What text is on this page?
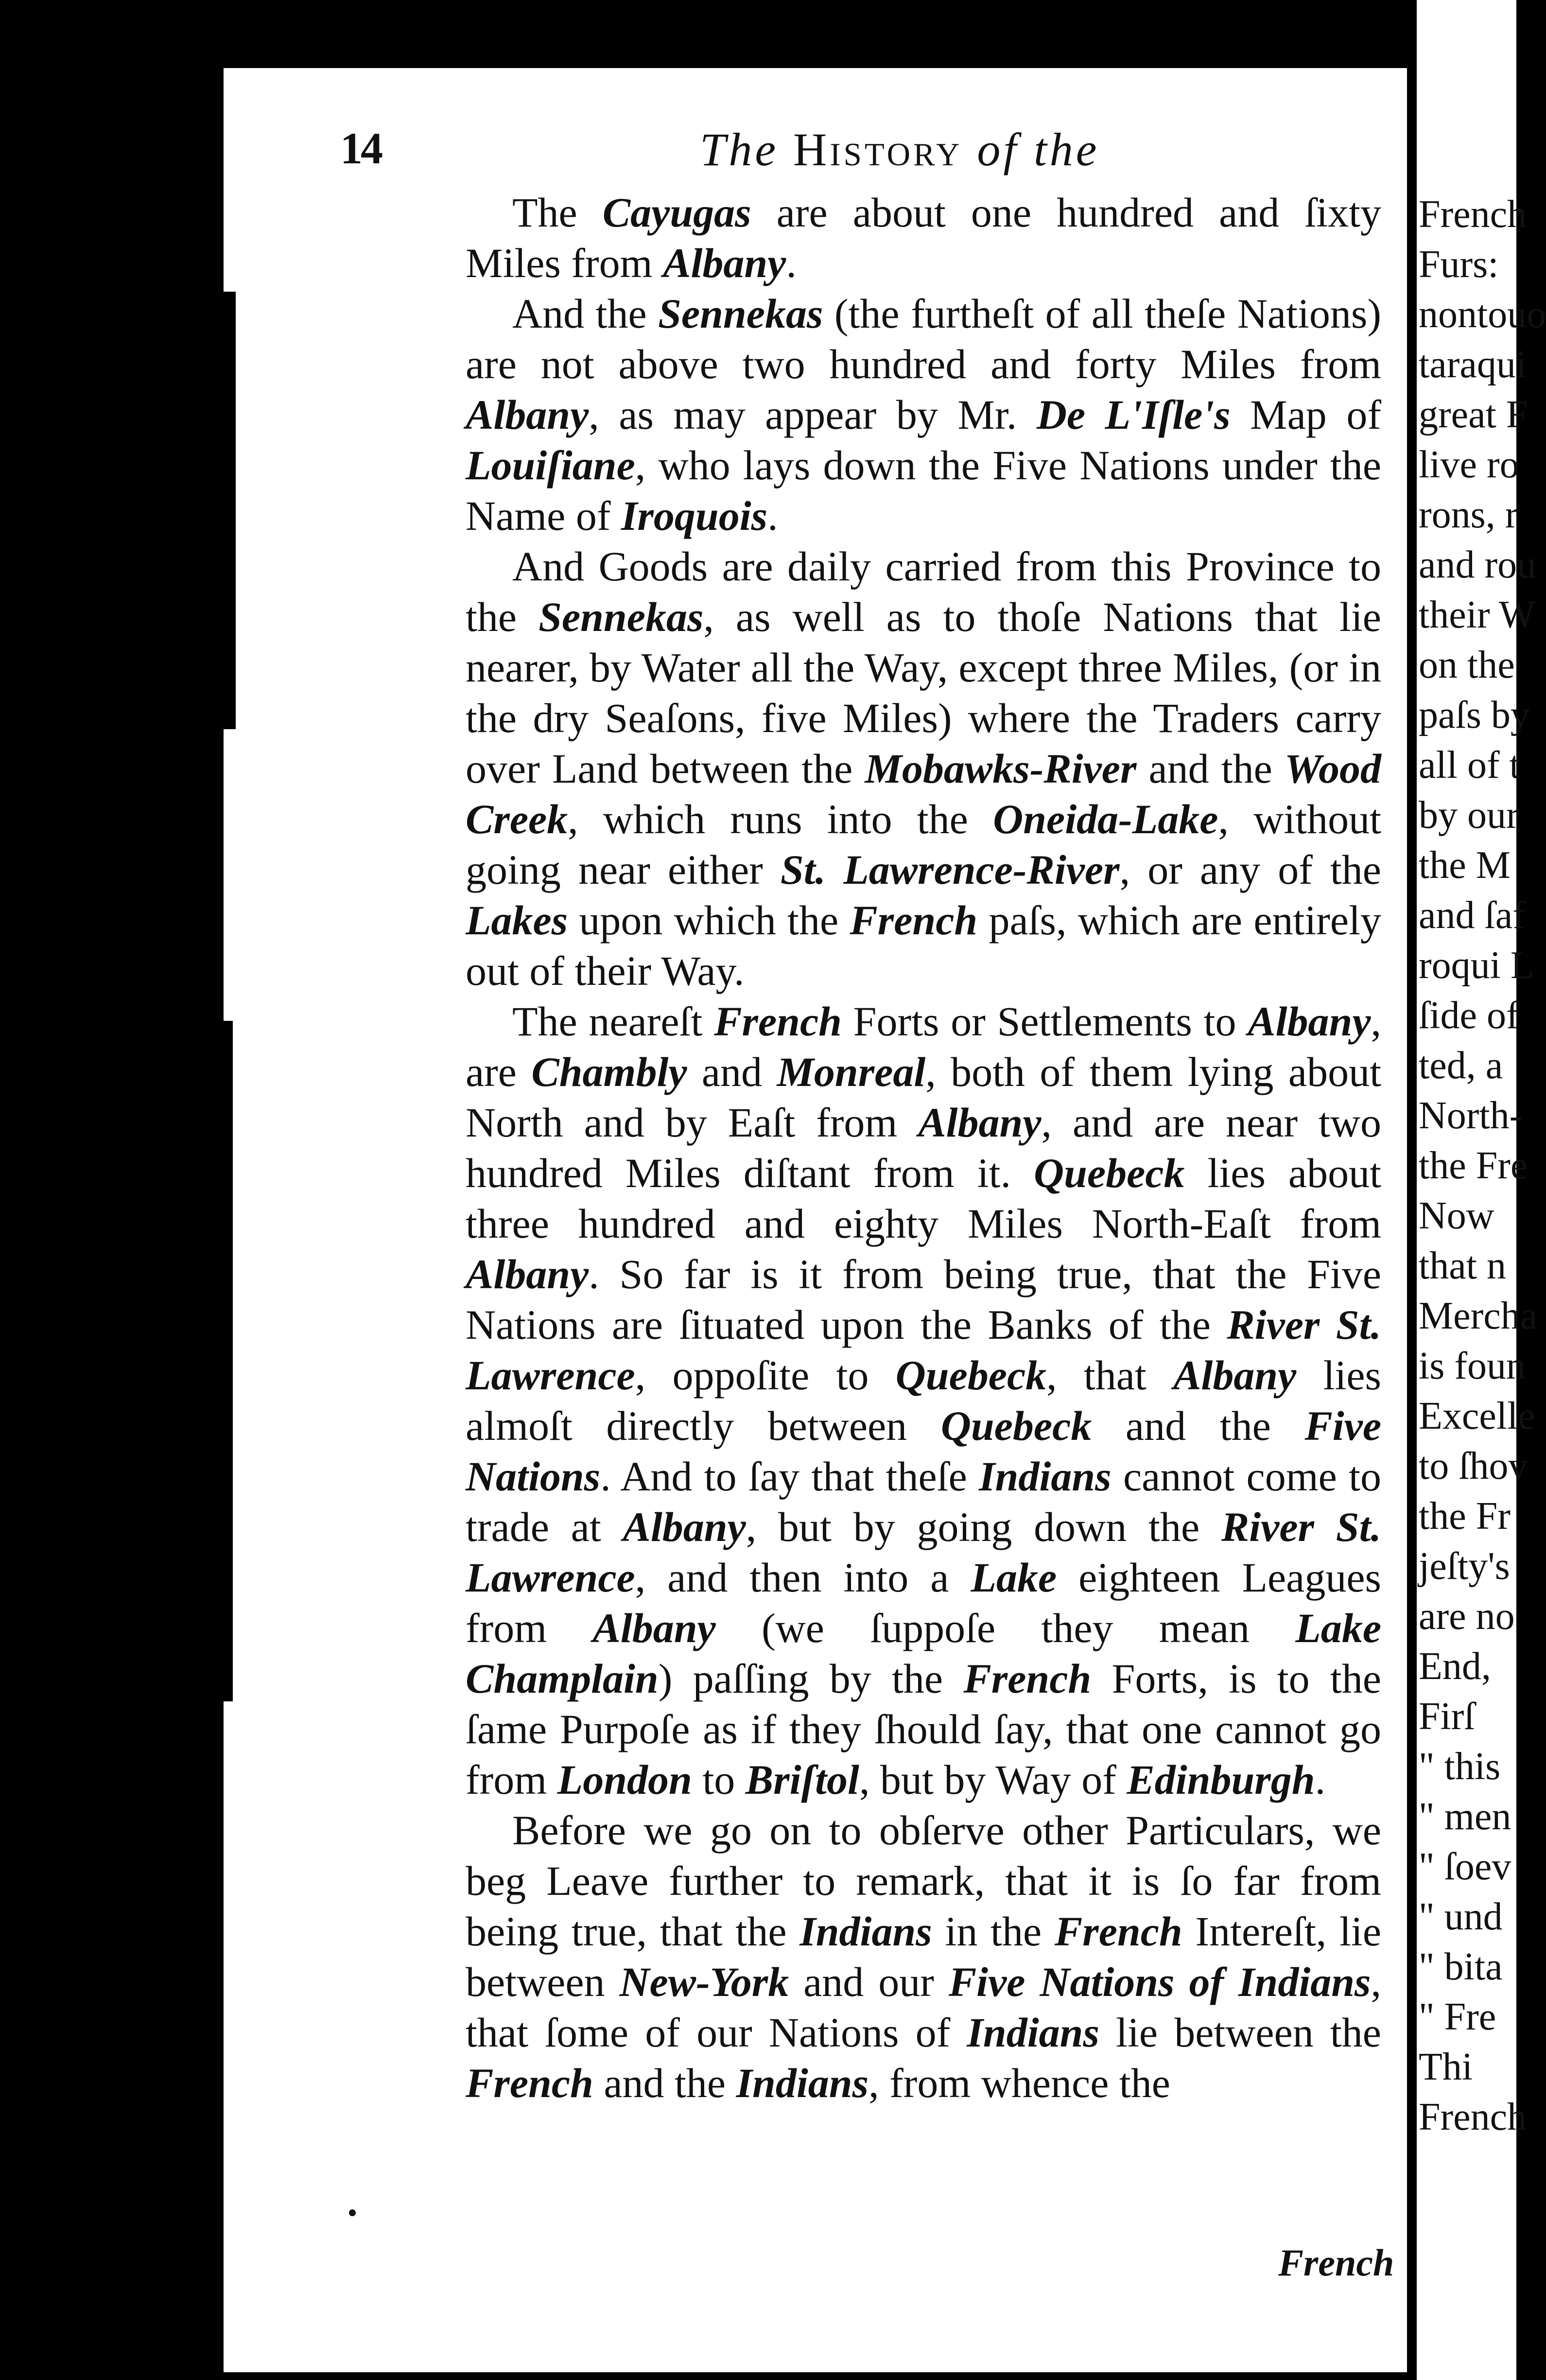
14	The History of the

The Cayugas are about one hundred and ſixty Miles from Albany.

And the Sennekas (the furtheſt of all theſe Nations) are not above two hundred and forty Miles from Albany, as may appear by Mr. De L'Iſle's Map of Louiſiane, who lays down the Five Nations under the Name of Iroquois.

And Goods are daily carried from this Province to the Sennekas, as well as to thoſe Nations that lie nearer, by Water all the Way, except three Miles, (or in the dry Seaſons, five Miles) where the Traders carry over Land between the Mobawks-River and the Wood Creek, which runs into the Oneida-Lake, without going near either St. Lawrence-River, or any of the Lakes upon which the French paſs, which are entirely out of their Way.

The neareſt French Forts or Settlements to Albany, are Chambly and Monreal, both of them lying about North and by Eaſt from Albany, and are near two hundred Miles diſtant from it. Quebeck lies about three hundred and eighty Miles North-Eaſt from Albany. So far is it from being true, that the Five Nations are ſituated upon the Banks of the River St. Lawrence, oppoſite to Quebeck, that Albany lies almoſt directly between Quebeck and the Five Nations. And to ſay that theſe Indians cannot come to trade at Albany, but by going down the River St. Lawrence, and then into a Lake eighteen Leagues from Albany (we ſuppoſe they mean Lake Champlain) paſſing by the French Forts, is to the ſame Purpoſe as if they ſhould ſay, that one cannot go from London to Briſtol, but by Way of Edinburgh.

Before we go on to obſerve other Particulars, we beg Leave further to remark, that it is ſo far from being true, that the Indians in the French Intereſt, lie between New-York and our Five Nations of Indians, that ſome of our Nations of Indians lie between the French and the Indians, from whence the

French
French
Furs:
nontouo
taraqui
great F
live ro
rons, r
and rou
their W
on the
paſs by
all of t
by our
the M
and ſaf
roqui L
ſide of
ted, a
North-
the Fre
Now
that n
Mercha
is foun
Excelle
to ſhov
the Fr
jeſty's
are no
End,
Firſ
" this
" men
" ſoev
" und
" bita
" Fre
Thi
French
